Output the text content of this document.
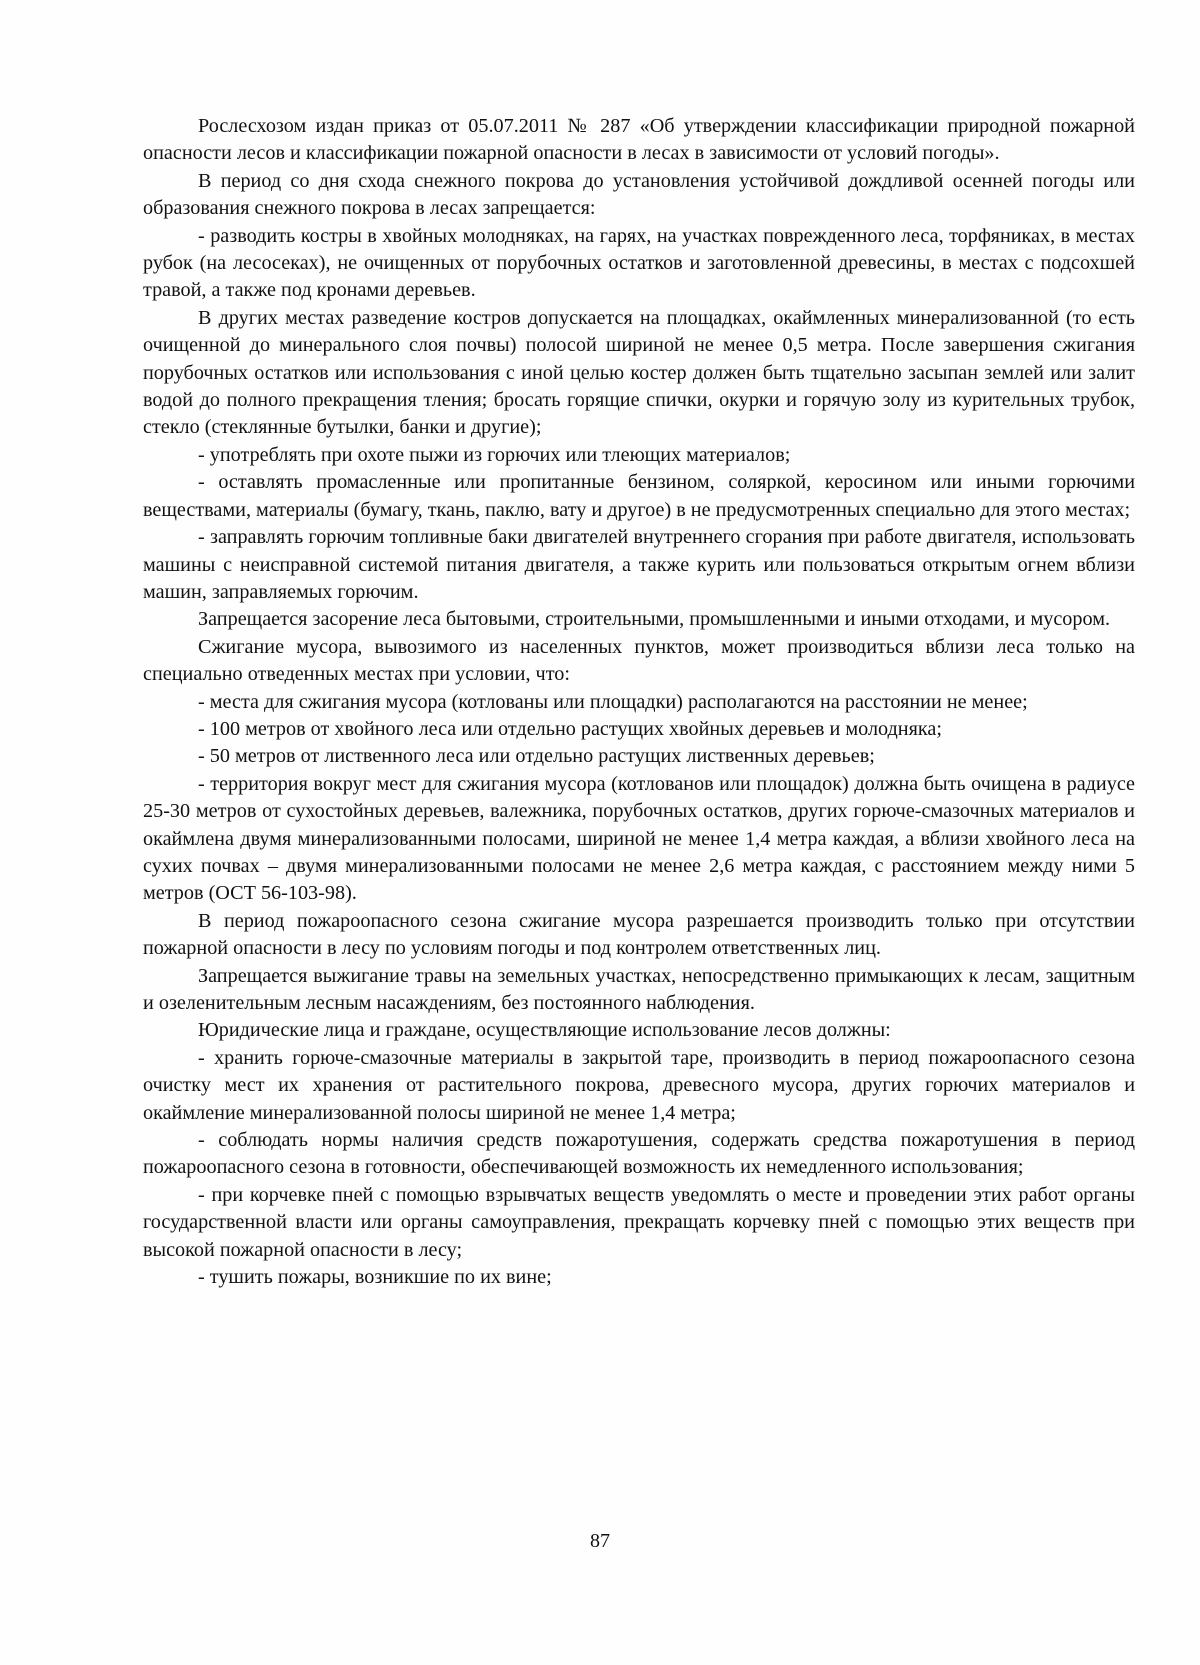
Рослесхозом издан приказ от 05.07.2011 № 287 «Об утверждении классификации природной пожарной опасности лесов и классификации пожарной опасности в лесах в зависимости от условий погоды».

В период со дня схода снежного покрова до установления устойчивой дождливой осенней погоды или образования снежного покрова в лесах запрещается:

- разводить костры в хвойных молодняках, на гарях, на участках поврежденного леса, торфяниках, в местах рубок (на лесосеках), не очищенных от порубочных остатков и заготовленной древесины, в местах с подсохшей травой, а также под кронами деревьев.

В других местах разведение костров допускается на площадках, окаймленных минерализованной (то есть очищенной до минерального слоя почвы) полосой шириной не менее 0,5 метра. После завершения сжигания порубочных остатков или использования с иной целью костер должен быть тщательно засыпан землей или залит водой до полного прекращения тления; бросать горящие спички, окурки и горячую золу из курительных трубок, стекло (стеклянные бутылки, банки и другие);

- употреблять при охоте пыжи из горючих или тлеющих материалов;

- оставлять промасленные или пропитанные бензином, соляркой, керосином или иными горючими веществами, материалы (бумагу, ткань, паклю, вату и другое) в не предусмотренных специально для этого местах;

- заправлять горючим топливные баки двигателей внутреннего сгорания при работе двигателя, использовать машины с неисправной системой питания двигателя, а также курить или пользоваться открытым огнем вблизи машин, заправляемых горючим.

Запрещается засорение леса бытовыми, строительными, промышленными и иными отходами, и мусором.

Сжигание мусора, вывозимого из населенных пунктов, может производиться вблизи леса только на специально отведенных местах при условии, что:

- места для сжигания мусора (котлованы или площадки) располагаются на расстоянии не менее;

- 100 метров от хвойного леса или отдельно растущих хвойных деревьев и молодняка;

- 50 метров от лиственного леса или отдельно растущих лиственных деревьев;

- территория вокруг мест для сжигания мусора (котлованов или площадок) должна быть очищена в радиусе 25-30 метров от сухостойных деревьев, валежника, порубочных остатков, других горюче-смазочных материалов и окаймлена двумя минерализованными полосами, шириной не менее 1,4 метра каждая, а вблизи хвойного леса на сухих почвах – двумя минерализованными полосами не менее 2,6 метра каждая, с расстоянием между ними 5 метров (ОСТ 56-103-98).

В период пожароопасного сезона сжигание мусора разрешается производить только при отсутствии пожарной опасности в лесу по условиям погоды и под контролем ответственных лиц.

Запрещается выжигание травы на земельных участках, непосредственно примыкающих к лесам, защитным и озеленительным лесным насаждениям, без постоянного наблюдения.

Юридические лица и граждане, осуществляющие использование лесов должны:

- хранить горюче-смазочные материалы в закрытой таре, производить в период пожароопасного сезона очистку мест их хранения от растительного покрова, древесного мусора, других горючих материалов и окаймление минерализованной полосы шириной не менее 1,4 метра;

- соблюдать нормы наличия средств пожаротушения, содержать средства пожаротушения в период пожароопасного сезона в готовности, обеспечивающей возможность их немедленного использования;

- при корчевке пней с помощью взрывчатых веществ уведомлять о месте и проведении этих работ органы государственной власти или органы самоуправления, прекращать корчевку пней с помощью этих веществ при высокой пожарной опасности в лесу;

- тушить пожары, возникшие по их вине;

87
